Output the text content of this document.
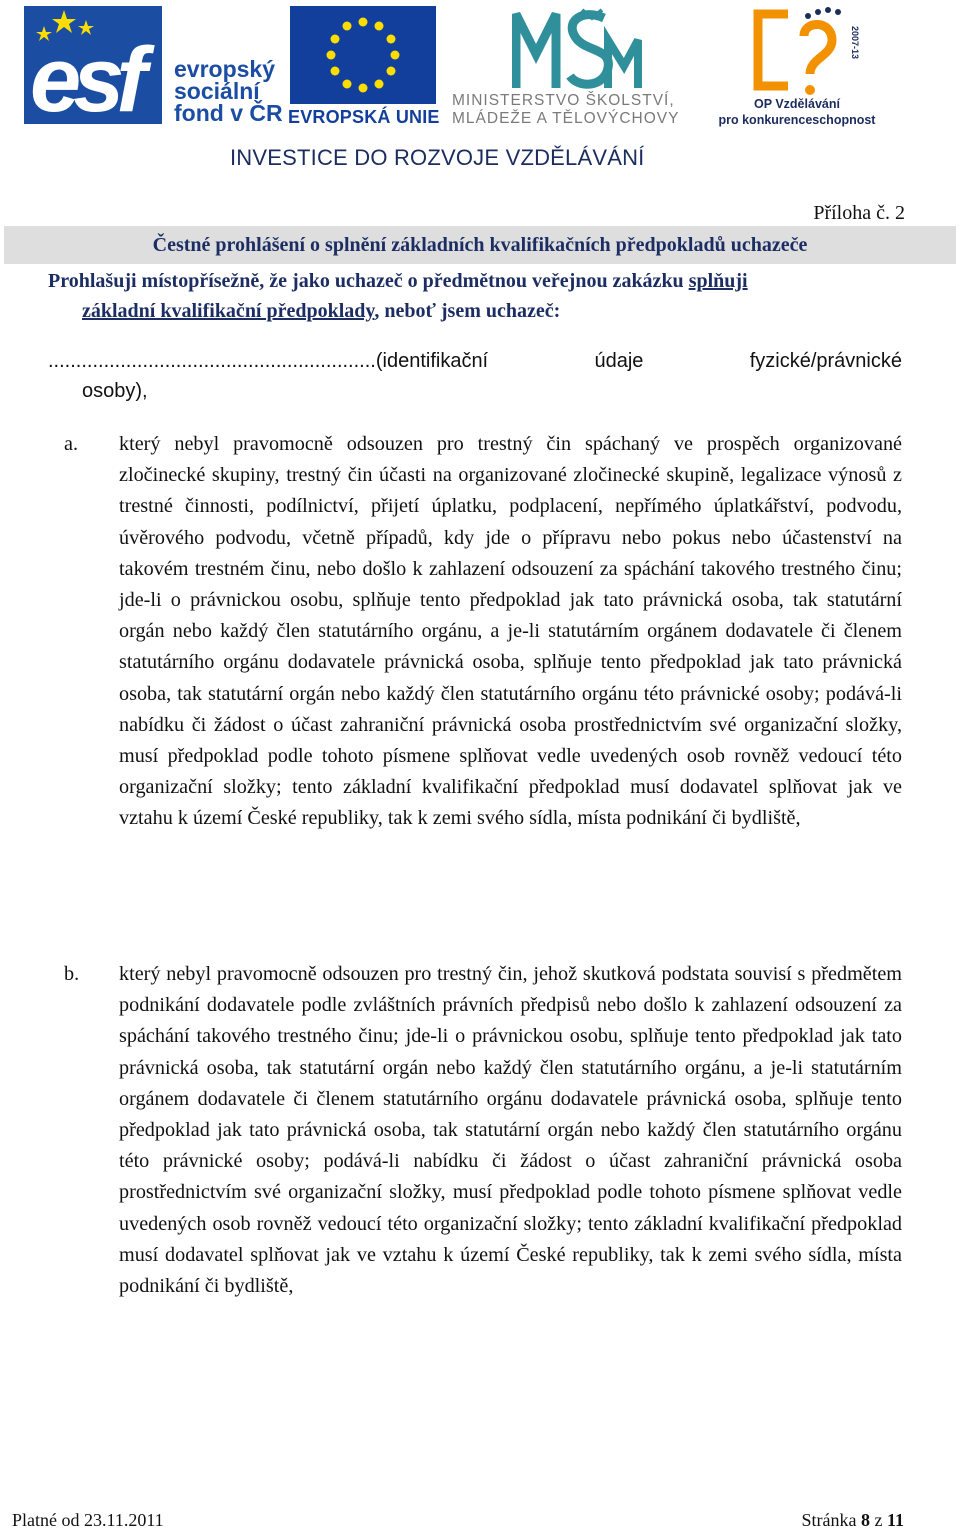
esf evropský
sociální
fond v ČR EVROPSKÁ UNIE
MINISTERSTVO ŠKOLSTVÍ,
MLÁDEŽE A TĚLOVÝCHOVY
2007-13
OP Vzdělávání
pro konkurenceschopnost
INVESTICE DO ROZVOJE VZDĚLÁVÁNÍ
Příloha č. 2
Čestné prohlášení o splnění základních kvalifikačních předpokladů uchazeče
Prohlašuji místopřísežně, že jako uchazeč o předmětnou veřejnou zakázku splňuji
základní kvalifikační předpoklady, neboť jsem uchazeč:
...........................................................(identifikační	údaje	fyzické/právnické
osoby),
a. který nebyl pravomocně odsouzen pro trestný čin spáchaný ve prospěch organizované zločinecké skupiny, trestný čin účasti na organizované zločinecké skupině, legalizace výnosů z trestné činnosti, podílnictví, přijetí úplatku, podplacení, nepřímého úplatkářství, podvodu, úvěrového podvodu, včetně případů, kdy jde o přípravu nebo pokus nebo účastenství na takovém trestném činu, nebo došlo k zahlazení odsouzení za spáchání takového trestného činu; jde-li o právnickou osobu, splňuje tento předpoklad jak tato právnická osoba, tak statutární orgán nebo každý člen statutárního orgánu, a je-li statutárním orgánem dodavatele či členem statutárního orgánu dodavatele právnická osoba, splňuje tento předpoklad jak tato právnická osoba, tak statutární orgán nebo každý člen statutárního orgánu této právnické osoby; podává-li nabídku či žádost o účast zahraniční právnická osoba prostřednictvím své organizační složky, musí předpoklad podle tohoto písmene splňovat vedle uvedených osob rovněž vedoucí této organizační složky; tento základní kvalifikační předpoklad musí dodavatel splňovat jak ve vztahu k území České republiky, tak k zemi svého sídla, místa podnikání či bydliště,
b. který nebyl pravomocně odsouzen pro trestný čin, jehož skutková podstata souvisí s předmětem podnikání dodavatele podle zvláštních právních předpisů nebo došlo k zahlazení odsouzení za spáchání takového trestného činu; jde-li o právnickou osobu, splňuje tento předpoklad jak tato právnická osoba, tak statutární orgán nebo každý člen statutárního orgánu, a je-li statutárním orgánem dodavatele či členem statutárního orgánu dodavatele právnická osoba, splňuje tento předpoklad jak tato právnická osoba, tak statutární orgán nebo každý člen statutárního orgánu této právnické osoby; podává-li nabídku či žádost o účast zahraniční právnická osoba prostřednictvím své organizační složky, musí předpoklad podle tohoto písmene splňovat vedle uvedených osob rovněž vedoucí této organizační složky; tento základní kvalifikační předpoklad musí dodavatel splňovat jak ve vztahu k území České republiky, tak k zemi svého sídla, místa podnikání či bydliště,
Platné od 23.11.2011	Stránka 8 z 11
